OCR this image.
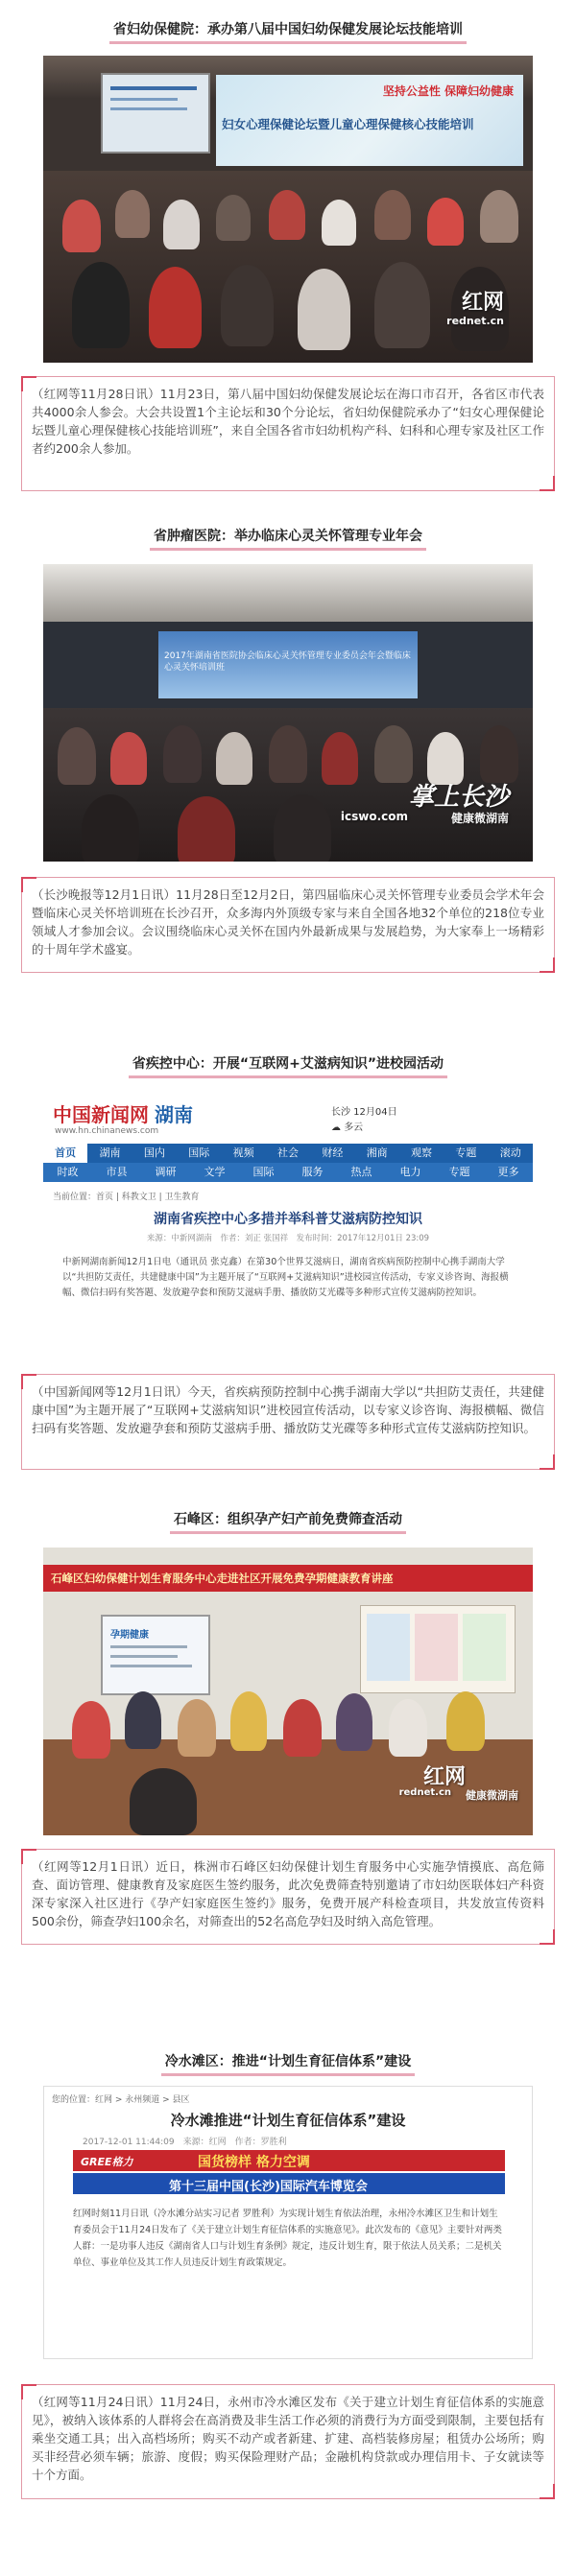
省妇幼保健院：承办第八届中国妇幼保健发展论坛技能培训
坚持公益性 保障妇幼健康
妇女心理保健论坛暨儿童心理保健核心技能培训
红网
rednet.cn
（红网等11月28日讯）11月23日，第八届中国妇幼保健发展论坛在海口市召开，各省区市代表共4000余人参会。大会共设置1个主论坛和30个分论坛，省妇幼保健院承办了“妇女心理保健论坛暨儿童心理保健核心技能培训班”，来自全国各省市妇幼机构产科、妇科和心理专家及社区工作者约200余人参加。
省肿瘤医院：举办临床心灵关怀管理专业年会
2017年湖南省医院协会临床心灵关怀管理专业委员会年会暨临床心灵关怀培训班
掌上长沙
icswo.com	健康微湖南
（长沙晚报等12月1日讯）11月28日至12月2日，第四届临床心灵关怀管理专业委员会学术年会暨临床心灵关怀培训班在长沙召开，众多海内外顶级专家与来自全国各地32个单位的218位专业领域人才参加会议。会议围绕临床心灵关怀在国内外最新成果与发展趋势，为大家奉上一场精彩的十周年学术盛宴。
省疾控中心：开展“互联网+艾滋病知识”进校园活动
中国新闻网 湖南
www.hn.chinanews.com
长沙 12月04日
☁ 多云
首页	湖南	国内	国际	视频	社会	财经	湘商	观察	专题	滚动
时政	市县	调研	文学	国际	服务	热点	电力	专题	更多
当前位置：首页 | 科教文卫 | 卫生教育
湖南省疾控中心多措并举科普艾滋病防控知识
来源：中新网湖南　作者：刘正 张国祥　发布时间：2017年12月01日 23:09
中新网湖南新闻12月1日电（通讯员 张克鑫）在第30个世界艾滋病日，湖南省疾病预防控制中心携手湖南大学以“共担防艾责任，共建健康中国”为主题开展了“互联网+艾滋病知识”进校园宣传活动，专家义诊咨询、海报横幅、微信扫码有奖答题、发放避孕套和预防艾滋病手册、播放防艾光碟等多种形式宣传艾滋病防控知识。
（中国新闻网等12月1日讯）今天，省疾病预防控制中心携手湖南大学以“共担防艾责任，共建健康中国”为主题开展了“互联网+艾滋病知识”进校园宣传活动，以专家义诊咨询、海报横幅、微信扫码有奖答题、发放避孕套和预防艾滋病手册、播放防艾光碟等多种形式宣传艾滋病防控知识。
石峰区：组织孕产妇产前免费筛查活动
石峰区妇幼保健计划生育服务中心走进社区开展免费孕期健康教育讲座
孕期健康
红网
rednet.cn 健康微湖南
（红网等12月1日讯）近日，株洲市石峰区妇幼保健计划生育服务中心实施孕情摸底、高危筛查、面访管理、健康教育及家庭医生签约服务，此次免费筛查特别邀请了市妇幼医联体妇产科资深专家深入社区进行《孕产妇家庭医生签约》服务，免费开展产科检查项目，共发放宣传资料500余份，筛查孕妇100余名，对筛查出的52名高危孕妇及时纳入高危管理。
冷水滩区：推进“计划生育征信体系”建设
您的位置：红网 > 永州频道 > 县区
冷水滩推进“计划生育征信体系”建设
2017-12-01 11:44:09　来源：红网　作者：罗胜利
GREE格力	国货榜样 格力空调
第十三届中国(长沙)国际汽车博览会
红网时刻11月日讯（冷水滩分站实习记者 罗胜利）为实现计划生育依法治理，永州冷水滩区卫生和计划生育委员会于11月24日发布了《关于建立计划生育征信体系的实施意见》。此次发布的《意见》主要针对两类人群：一是功事人违反《湖南省人口与计划生育条例》规定，违反计划生育，限于依法人员关系；二是机关单位、事业单位及其工作人员违反计划生育政策规定。
（红网等11月24日讯）11月24日，永州市冷水滩区发布《关于建立计划生育征信体系的实施意见》，被纳入该体系的人群将会在高消费及非生活工作必须的消费行为方面受到限制，主要包括有乘坐交通工具；出入高档场所；购买不动产或者新建、扩建、高档装修房屋；租赁办公场所；购买非经营必须车辆；旅游、度假；购买保险理财产品；金融机构贷款或办理信用卡、子女就读等十个方面。
